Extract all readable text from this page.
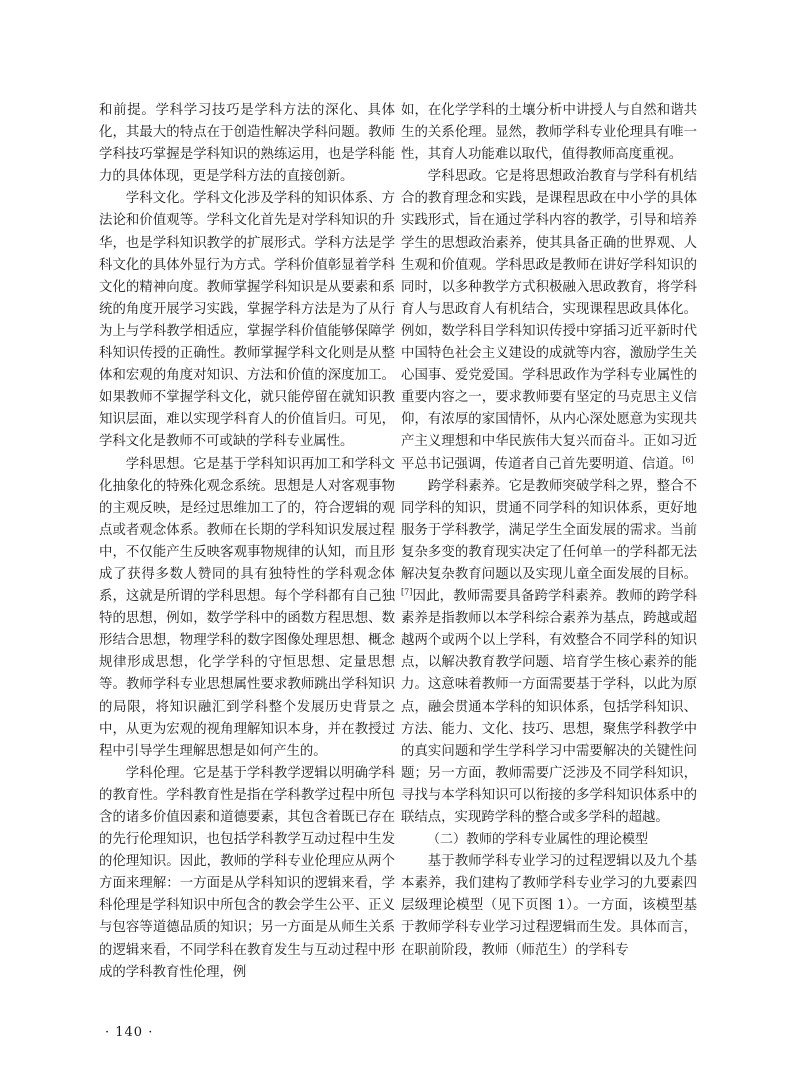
和前提。学科学习技巧是学科方法的深化、具体化，其最大的特点在于创造性解决学科问题。教师学科技巧掌握是学科知识的熟练运用，也是学科能力的具体体现，更是学科方法的直接创新。

学科文化。学科文化涉及学科的知识体系、方法论和价值观等。学科文化首先是对学科知识的升华，也是学科知识教学的扩展形式。学科方法是学科文化的具体外显行为方式。学科价值彰显着学科文化的精神向度。教师掌握学科知识是从要素和系统的角度开展学习实践，掌握学科方法是为了从行为上与学科教学相适应，掌握学科价值能够保障学科知识传授的正确性。教师掌握学科文化则是从整体和宏观的角度对知识、方法和价值的深度加工。如果教师不掌握学科文化，就只能停留在就知识教知识层面，难以实现学科育人的价值旨归。可见，学科文化是教师不可或缺的学科专业属性。

学科思想。它是基于学科知识再加工和学科文化抽象化的特殊化观念系统。思想是人对客观事物的主观反映，是经过思维加工了的，符合逻辑的观点或者观念体系。教师在长期的学科知识发展过程中，不仅能产生反映客观事物规律的认知，而且形成了获得多数人赞同的具有独特性的学科观念体系，这就是所谓的学科思想。每个学科都有自己独特的思想，例如，数学学科中的函数方程思想、数形结合思想，物理学科的数字图像处理思想、概念规律形成思想，化学学科的守恒思想、定量思想等。教师学科专业思想属性要求教师跳出学科知识的局限，将知识融汇到学科整个发展历史背景之中，从更为宏观的视角理解知识本身，并在教授过程中引导学生理解思想是如何产生的。

学科伦理。它是基于学科教学逻辑以明确学科的教育性。学科教育性是指在学科教学过程中所包含的诸多价值因素和道德要素，其包含着既已存在的先行伦理知识，也包括学科教学互动过程中生发的伦理知识。因此，教师的学科专业伦理应从两个方面来理解：一方面是从学科知识的逻辑来看，学科伦理是学科知识中所包含的教会学生公平、正义与包容等道德品质的知识；另一方面是从师生关系的逻辑来看，不同学科在教育发生与互动过程中形成的学科教育性伦理，例

如，在化学学科的土壤分析中讲授人与自然和谐共生的关系伦理。显然，教师学科专业伦理具有唯一性，其育人功能难以取代，值得教师高度重视。

学科思政。它是将思想政治教育与学科有机结合的教育理念和实践，是课程思政在中小学的具体实践形式，旨在通过学科内容的教学，引导和培养学生的思想政治素养，使其具备正确的世界观、人生观和价值观。学科思政是教师在讲好学科知识的同时，以多种教学方式积极融入思政教育，将学科育人与思政育人有机结合，实现课程思政具体化。例如，数学科目学科知识传授中穿插习近平新时代中国特色社会主义建设的成就等内容，激励学生关心国事、爱党爱国。学科思政作为学科专业属性的重要内容之一，要求教师要有坚定的马克思主义信仰，有浓厚的家国情怀，从内心深处愿意为实现共产主义理想和中华民族伟大复兴而奋斗。正如习近平总书记强调，传道者自己首先要明道、信道。[6]

跨学科素养。它是教师突破学科之界，整合不同学科的知识，贯通不同学科的知识体系，更好地服务于学科教学，满足学生全面发展的需求。当前复杂多变的教育现实决定了任何单一的学科都无法解决复杂教育问题以及实现儿童全面发展的目标。[7]因此，教师需要具备跨学科素养。教师的跨学科素养是指教师以本学科综合素养为基点，跨越或超越两个或两个以上学科，有效整合不同学科的知识点，以解决教育教学问题、培育学生核心素养的能力。这意味着教师一方面需要基于学科，以此为原点，融会贯通本学科的知识体系，包括学科知识、方法、能力、文化、技巧、思想，聚焦学科教学中的真实问题和学生学科学习中需要解决的关键性问题；另一方面，教师需要广泛涉及不同学科知识，寻找与本学科知识可以衔接的多学科知识体系中的联结点，实现跨学科的整合或多学科的超越。

（二）教师的学科专业属性的理论模型

基于教师学科专业学习的过程逻辑以及九个基本素养，我们建构了教师学科专业学习的九要素四层级理论模型（见下页图 1）。一方面，该模型基于教师学科专业学习过程逻辑而生发。具体而言，在职前阶段，教师（师范生）的学科专

· 140 ·
